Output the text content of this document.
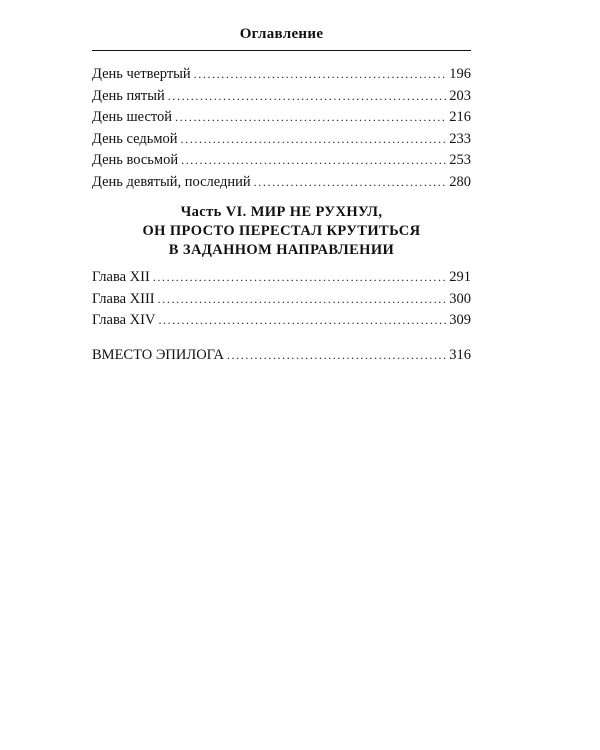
Оглавление
День четвертый .....	196
День пятый .....	203
День шестой .....	216
День седьмой .....	233
День восьмой .....	253
День девятый, последний .....	280
Часть VI. МИР НЕ РУХНУЛ,
ОН ПРОСТО ПЕРЕСТАЛ КРУТИТЬСЯ
В ЗАДАННОМ НАПРАВЛЕНИИ
Глава XII .....	291
Глава XIII .....	300
Глава XIV .....	309
ВМЕСТО ЭПИЛОГА .....	316
